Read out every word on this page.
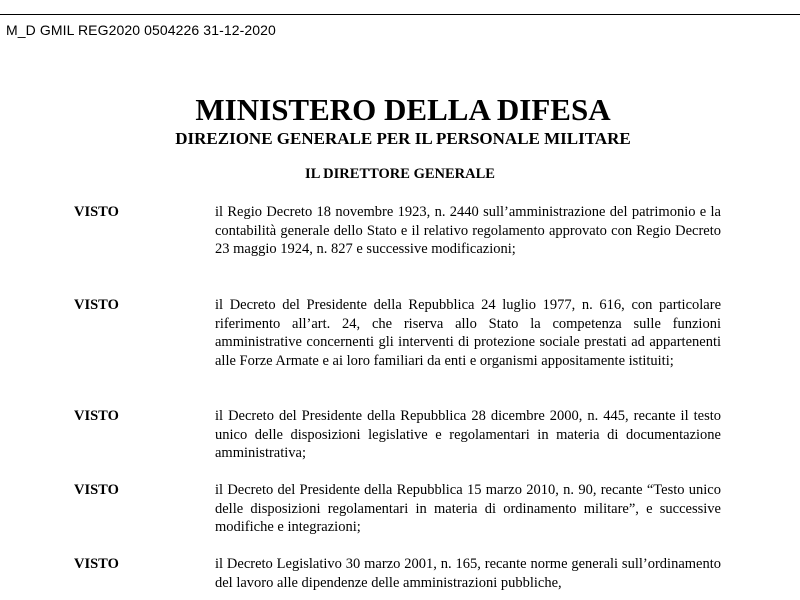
M_D GMIL REG2020 0504226 31-12-2020
MINISTERO DELLA DIFESA
DIREZIONE GENERALE PER IL PERSONALE MILITARE
IL DIRETTORE GENERALE
VISTO	il Regio Decreto 18 novembre 1923, n. 2440 sull’amministrazione del patrimonio e la contabilità generale dello Stato e il relativo regolamento approvato con Regio Decreto 23 maggio 1924, n. 827 e successive modificazioni;

VISTO	il Decreto del Presidente della Repubblica 24 luglio 1977, n. 616, con particolare riferimento all’art. 24, che riserva allo Stato la competenza sulle funzioni amministrative concernenti gli interventi di protezione sociale prestati ad appartenenti alle Forze Armate e ai loro familiari da enti e organismi appositamente istituiti;

VISTO	il Decreto del Presidente della Repubblica 28 dicembre 2000, n. 445, recante il testo unico delle disposizioni legislative e regolamentari in materia di documentazione amministrativa;

VISTO	il Decreto del Presidente della Repubblica 15 marzo 2010, n. 90, recante “Testo unico delle disposizioni regolamentari in materia di ordinamento militare”, e successive modifiche e integrazioni;

VISTO	il Decreto Legislativo 30 marzo 2001, n. 165, recante norme generali sull’ordinamento del lavoro alle dipendenze delle amministrazioni pubbliche,
